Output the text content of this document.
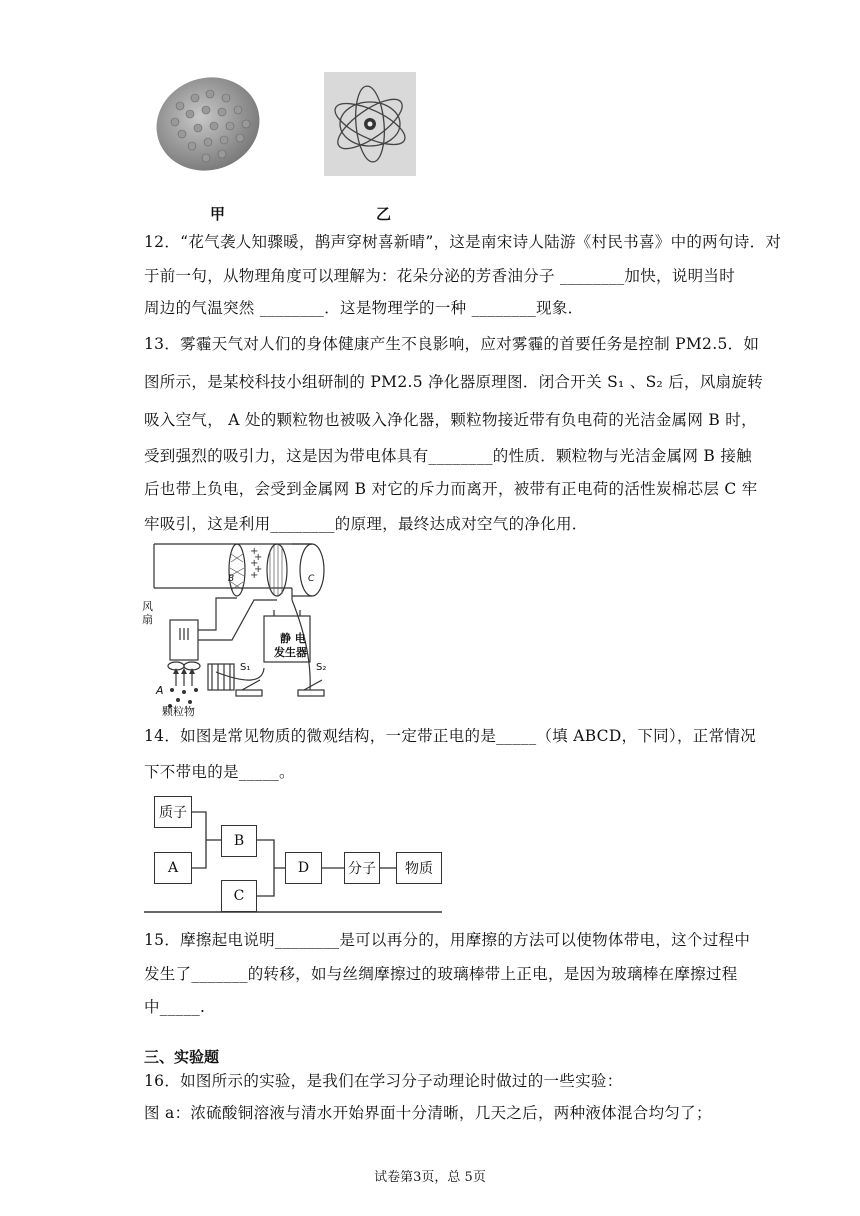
甲	乙
12．“花气袭人知骤暖，鹊声穿树喜新晴”，这是南宋诗人陆游《村民书喜》中的两句诗．对
于前一句，从物理角度可以理解为：花朵分泌的芳香油分子 ________加快，说明当时
周边的气温突然 ________．这是物理学的一种 ________现象．
13．雾霾天气对人们的身体健康产生不良影响，应对雾霾的首要任务是控制 PM2.5．如
图所示，是某校科技小组研制的 PM2.5 净化器原理图．闭合开关 S₁ 、S₂ 后，风扇旋转
吸入空气， A 处的颗粒物也被吸入净化器，颗粒物接近带有负电荷的光洁金属网 B 时，
受到强烈的吸引力，这是因为带电体具有________的性质．颗粒物与光洁金属网 B 接触
后也带上负电，会受到金属网 B 对它的斥力而离开，被带有正电荷的活性炭棉芯层 C 牢
牢吸引，这是利用________的原理，最终达成对空气的净化用．
+
+
+
+
+
风
扇
静 电
发生器
A
颗粒物
B	C
S₁	S₂
14．如图是常见物质的微观结构，一定带正电的是_____（填 ABCD，下同），正常情况
下不带电的是_____。
质子
A
B
C
D	分子	物质
15．摩擦起电说明________是可以再分的，用摩擦的方法可以使物体带电，这个过程中
发生了_______的转移，如与丝绸摩擦过的玻璃棒带上正电，是因为玻璃棒在摩擦过程
中_____.
三、实验题
16．如图所示的实验，是我们在学习分子动理论时做过的一些实验：
图 a：浓硫酸铜溶液与清水开始界面十分清晰，几天之后，两种液体混合均匀了；
试卷第3页，总 5页
